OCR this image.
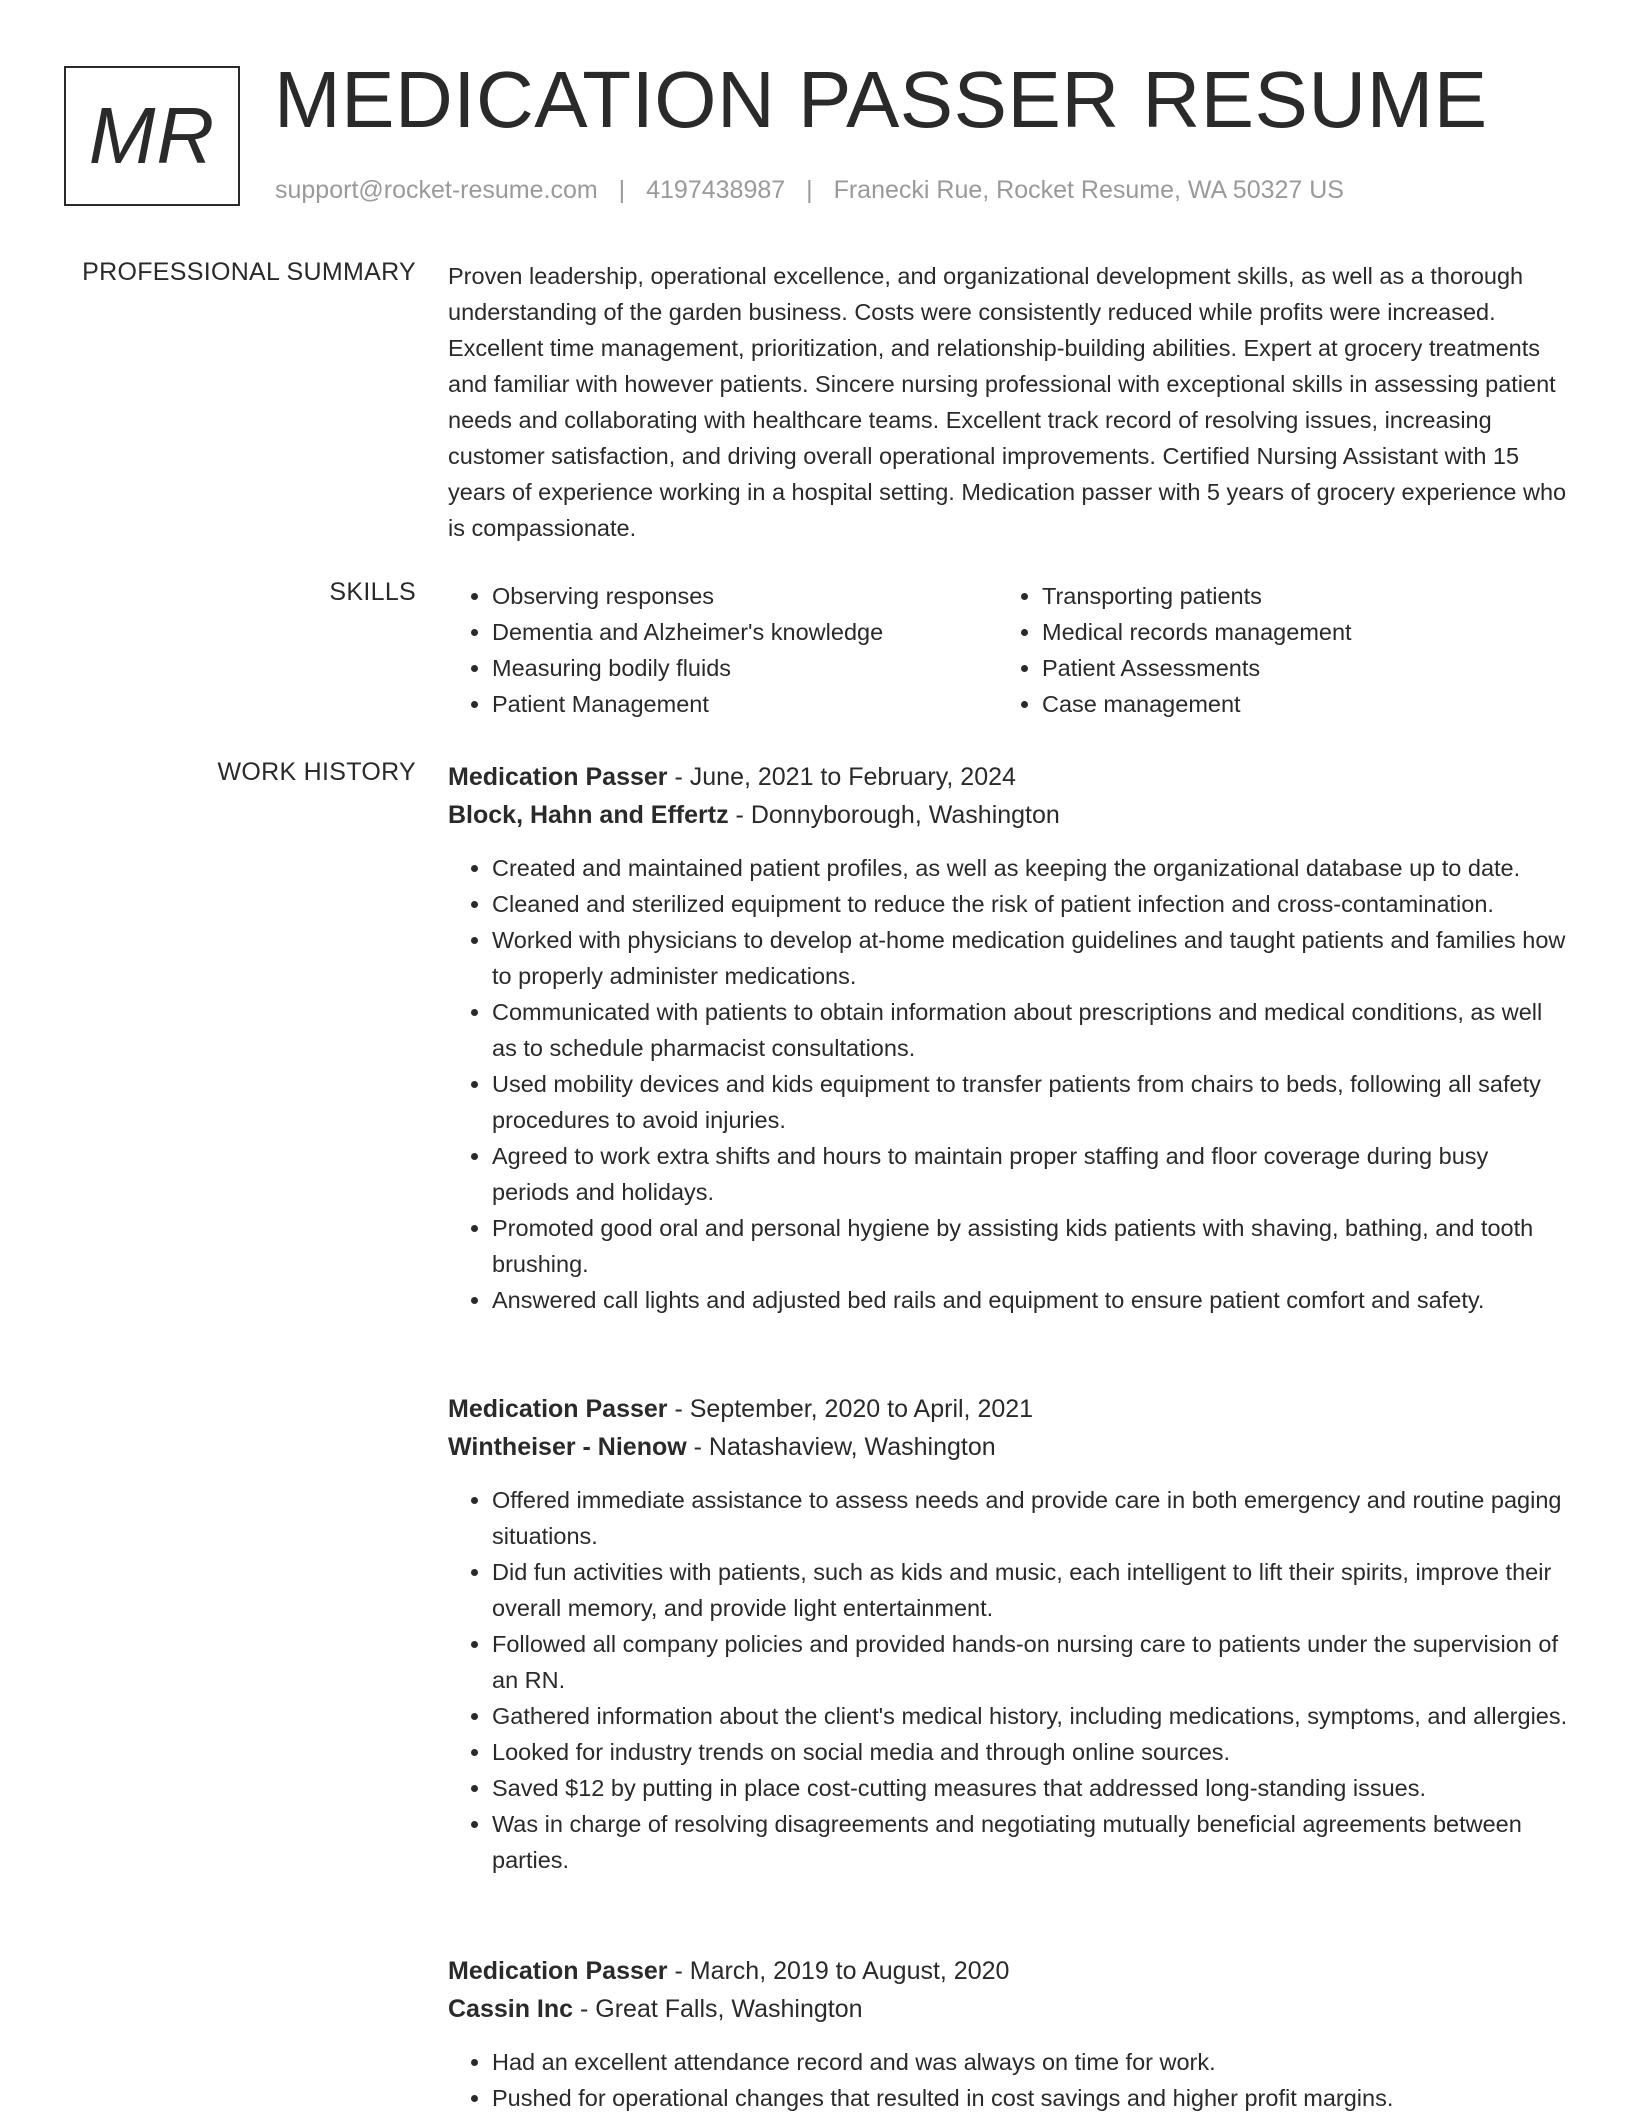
MR MEDICATION PASSER RESUME
support@rocket-resume.com | 4197438987 | Franecki Rue, Rocket Resume, WA 50327 US
PROFESSIONAL SUMMARY Proven leadership, operational excellence, and organizational development skills, as well as a thorough understanding of the garden business. Costs were consistently reduced while profits were increased. Excellent time management, prioritization, and relationship-building abilities. Expert at grocery treatments and familiar with however patients. Sincere nursing professional with exceptional skills in assessing patient needs and collaborating with healthcare teams. Excellent track record of resolving issues, increasing customer satisfaction, and driving overall operational improvements. Certified Nursing Assistant with 15 years of experience working in a hospital setting. Medication passer with 5 years of grocery experience who is compassionate.

SKILLS
•	Observing responses
• Dementia and Alzheimer's knowledge
• Measuring bodily fluids
• Patient Management
• Transporting patients
• Medical records management
• Patient Assessments
• Case management
WORK HISTORY Medication Passer - June, 2021 to February, 2024

Block, Hahn and Effertz - Donnyborough, Washington

• Created and maintained patient profiles, as well as keeping the organizational database up to date.
• Cleaned and sterilized equipment to reduce the risk of patient infection and cross-contamination.
• Worked with physicians to develop at-home medication guidelines and taught patients and families how to properly administer medications.
• Communicated with patients to obtain information about prescriptions and medical conditions, as well as to schedule pharmacist consultations.
• Used mobility devices and kids equipment to transfer patients from chairs to beds, following all safety procedures to avoid injuries.
• Agreed to work extra shifts and hours to maintain proper staffing and floor coverage during busy periods and holidays.
• Promoted good oral and personal hygiene by assisting kids patients with shaving, bathing, and tooth brushing.
• Answered call lights and adjusted bed rails and equipment to ensure patient comfort and safety.

Medication Passer - September, 2020 to April, 2021

Wintheiser - Nienow - Natashaview, Washington

• Offered immediate assistance to assess needs and provide care in both emergency and routine paging situations.
• Did fun activities with patients, such as kids and music, each intelligent to lift their spirits, improve their overall memory, and provide light entertainment.
• Followed all company policies and provided hands-on nursing care to patients under the supervision of an RN.
• Gathered information about the client's medical history, including medications, symptoms, and allergies.
• Looked for industry trends on social media and through online sources.
• Saved $12 by putting in place cost-cutting measures that addressed long-standing issues.
• Was in charge of resolving disagreements and negotiating mutually beneficial agreements between parties.

Medication Passer - March, 2019 to August, 2020

Cassin Inc - Great Falls, Washington

• Had an excellent attendance record and was always on time for work.
• Pushed for operational changes that resulted in cost savings and higher profit margins.
